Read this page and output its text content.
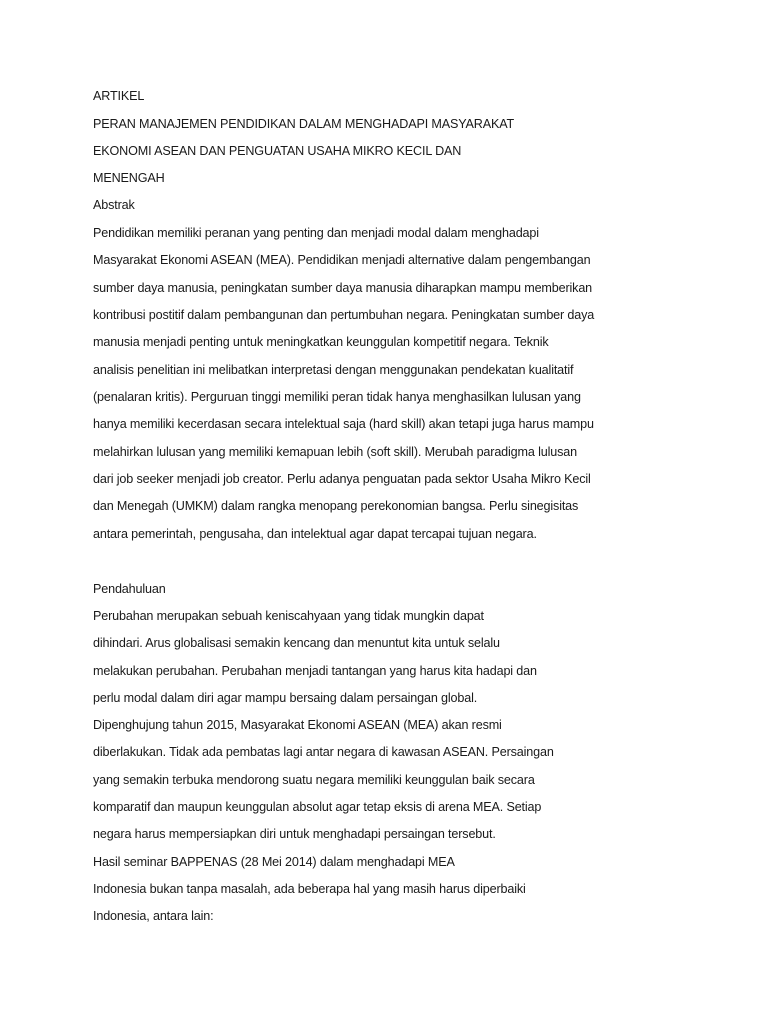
ARTIKEL
PERAN MANAJEMEN PENDIDIKAN DALAM MENGHADAPI MASYARAKAT
EKONOMI ASEAN DAN PENGUATAN USAHA MIKRO KECIL DAN
MENENGAH
Abstrak
Pendidikan memiliki peranan yang penting dan menjadi modal dalam menghadapi
Masyarakat Ekonomi ASEAN (MEA). Pendidikan menjadi alternative dalam pengembangan
sumber daya manusia, peningkatan sumber daya manusia diharapkan mampu memberikan
kontribusi postitif dalam pembangunan dan pertumbuhan negara. Peningkatan sumber daya
manusia menjadi penting untuk meningkatkan keunggulan kompetitif negara. Teknik
analisis penelitian ini melibatkan interpretasi dengan menggunakan pendekatan kualitatif
(penalaran kritis). Perguruan tinggi memiliki peran tidak hanya menghasilkan lulusan yang
hanya memiliki kecerdasan secara intelektual saja (hard skill) akan tetapi juga harus mampu
melahirkan lulusan yang memiliki kemapuan lebih (soft skill). Merubah paradigma lulusan
dari job seeker menjadi job creator. Perlu adanya penguatan pada sektor Usaha Mikro Kecil
dan Menegah (UMKM) dalam rangka menopang perekonomian bangsa. Perlu sinegisitas
antara pemerintah, pengusaha, dan intelektual agar dapat tercapai tujuan negara.
Pendahuluan
Perubahan merupakan sebuah keniscahyaan yang tidak mungkin dapat
dihindari. Arus globalisasi semakin kencang dan menuntut kita untuk selalu
melakukan perubahan. Perubahan menjadi tantangan yang harus kita hadapi dan
perlu modal dalam diri agar mampu bersaing dalam persaingan global.
Dipenghujung tahun 2015, Masyarakat Ekonomi ASEAN (MEA) akan resmi
diberlakukan. Tidak ada pembatas lagi antar negara di kawasan ASEAN. Persaingan
yang semakin terbuka mendorong suatu negara memiliki keunggulan baik secara
komparatif dan maupun keunggulan absolut agar tetap eksis di arena MEA. Setiap
negara harus mempersiapkan diri untuk menghadapi persaingan tersebut.
Hasil seminar BAPPENAS (28 Mei 2014) dalam menghadapi MEA
Indonesia bukan tanpa masalah, ada beberapa hal yang masih harus diperbaiki
Indonesia, antara lain:
